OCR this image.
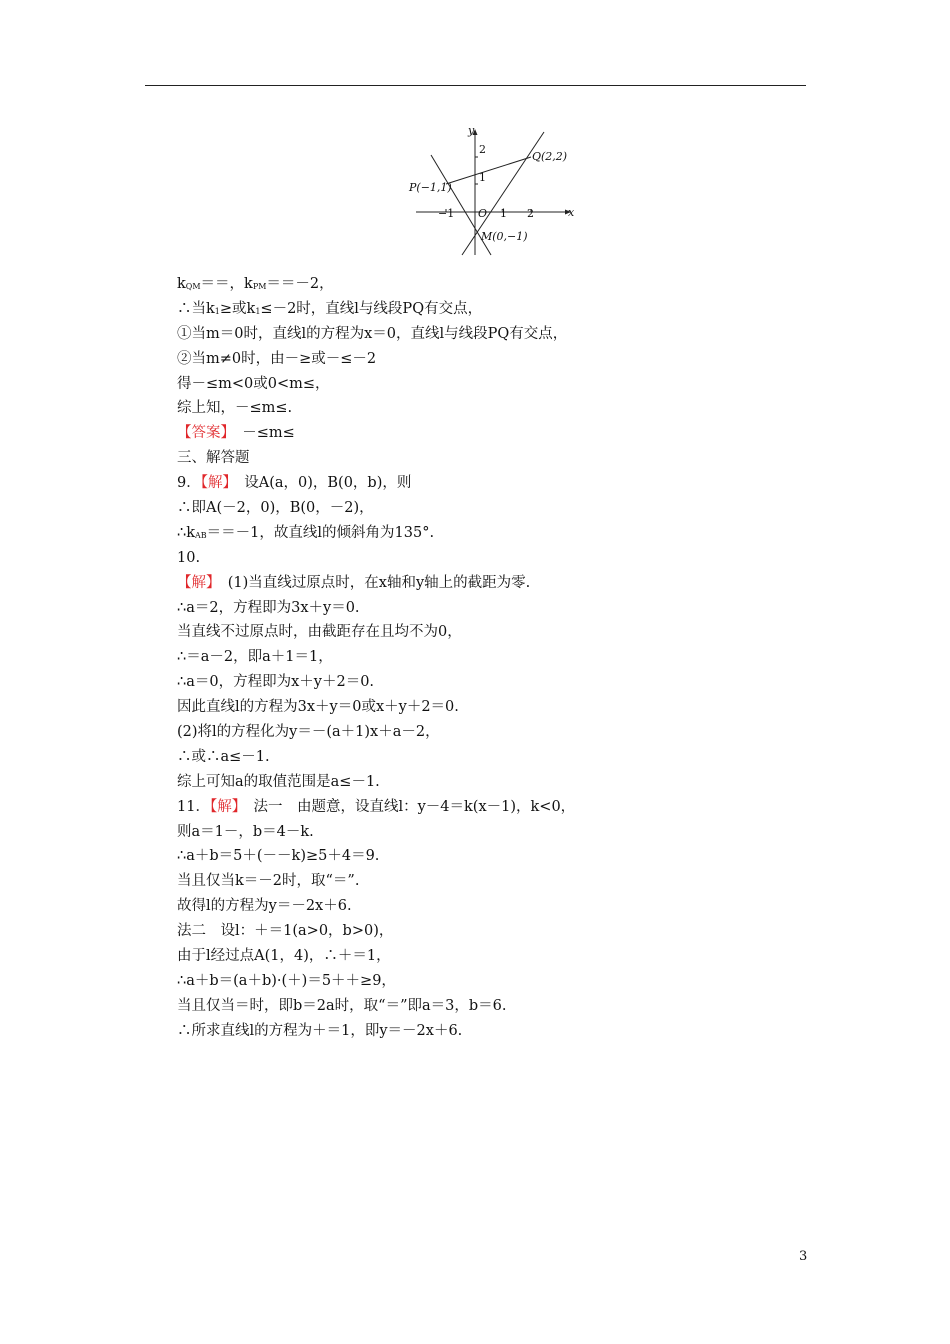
x
y
O
−1	1 2
1
2
P(−1,1)
Q(2,2)
M(0,−1)
$k_{QM}==$，$k_{PM}==-2$，
∴当$k_1\ge$或$k_1\le-2$时，直线l与线段PQ有交点，
①当m＝0时，直线l的方程为x＝0，直线l与线段PQ有交点，
②当m≠0时，由－≥或－≤－2
得－≤m<0或0<m≤，
综上知，－≤m≤.
【答案】　－≤m≤
三、解答题
9．【解】　设A(a，0)，B(0，b)，则
∴即A(－2，0)，B(0，－2)，
$\therefore k_{AB}==-1$，故直线l的倾斜角为135°.
10.
【解】　(1)当直线过原点时，在x轴和y轴上的截距为零.
∴a＝2，方程即为3x＋y＝0.
当直线不过原点时，由截距存在且均不为0，
∴＝a－2，即a＋1＝1，
∴a＝0，方程即为x＋y＋2＝0.
因此直线l的方程为3x＋y＝0或x＋y＋2＝0.
(2)将l的方程化为y＝－(a＋1)x＋a－2，
∴或∴a≤－1.
综上可知a的取值范围是a≤－1.
11．【解】　法一　由题意，设直线l：y－4＝k(x－1)，k<0，
则a＝1－，b＝4－k.
∴a＋b＝5＋(－－k)≥5＋4＝9.
当且仅当k＝－2时，取“＝”.
故得l的方程为y＝－2x＋6.
法二　设l：＋＝1(a>0，b>0)，
由于l经过点A(1，4)，∴＋＝1，
∴a＋b＝(a＋b)·(＋)＝5＋＋≥9，
当且仅当＝时，即b＝2a时，取“＝”即a＝3，b＝6.
∴所求直线l的方程为＋＝1，即y＝－2x＋6.
3
